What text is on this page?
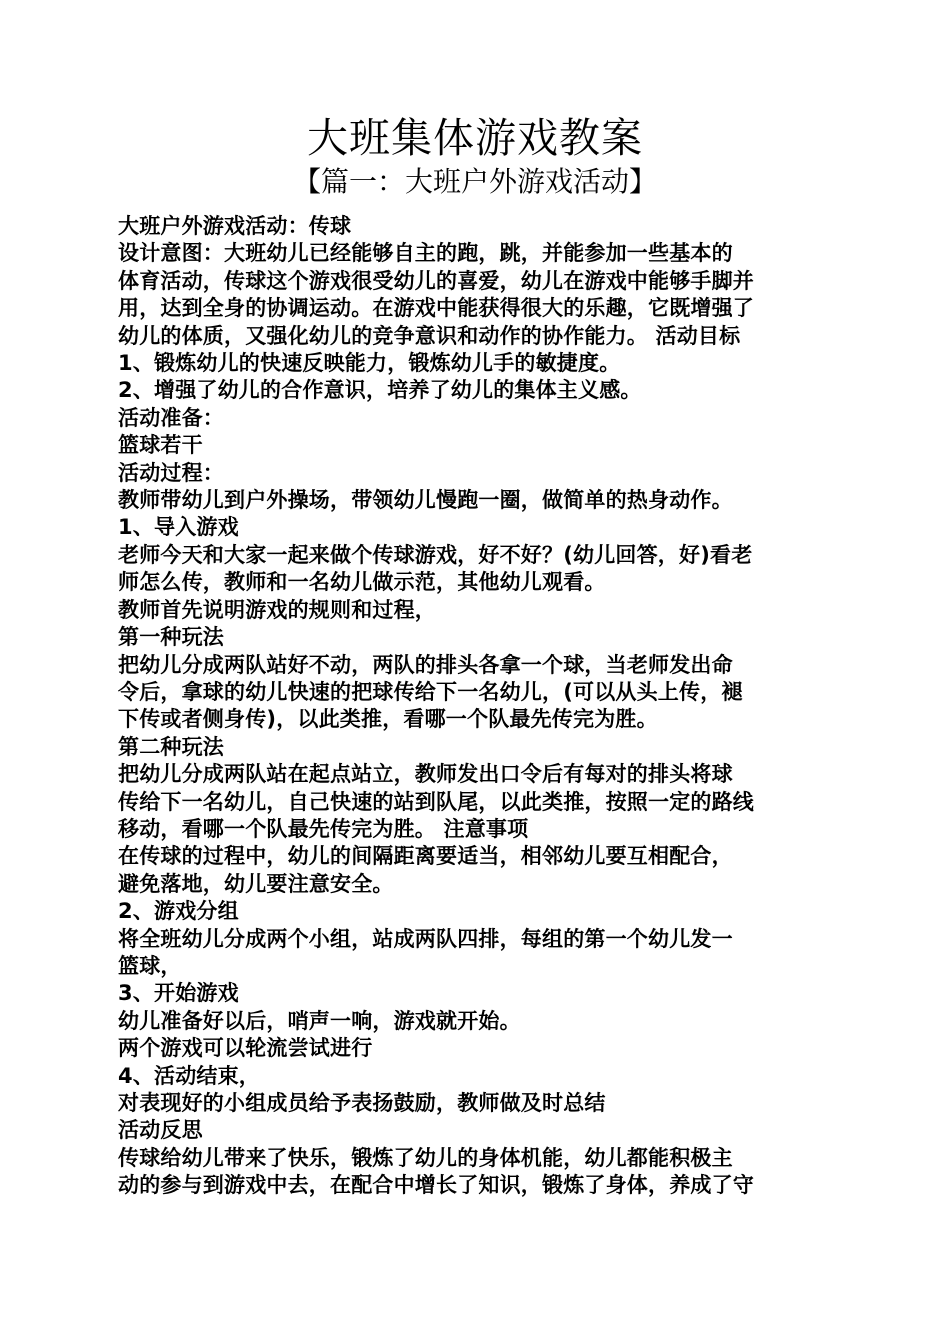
大班集体游戏教案
【篇一：大班户外游戏活动】
大班户外游戏活动：传球
设计意图：大班幼儿已经能够自主的跑，跳，并能参加一些基本的
体育活动，传球这个游戏很受幼儿的喜爱，幼儿在游戏中能够手脚并
用，达到全身的协调运动。在游戏中能获得很大的乐趣，它既增强了
幼儿的体质，又强化幼儿的竞争意识和动作的协作能力。 活动目标
1、锻炼幼儿的快速反映能力，锻炼幼儿手的敏捷度。
2、增强了幼儿的合作意识，培养了幼儿的集体主义感。
活动准备：
篮球若干
活动过程：
教师带幼儿到户外操场，带领幼儿慢跑一圈，做简单的热身动作。
1、导入游戏
老师今天和大家一起来做个传球游戏，好不好？(幼儿回答，好)看老
师怎么传，教师和一名幼儿做示范，其他幼儿观看。
教师首先说明游戏的规则和过程，
第一种玩法
把幼儿分成两队站好不动，两队的排头各拿一个球，当老师发出命
令后，拿球的幼儿快速的把球传给下一名幼儿，(可以从头上传，褪
下传或者侧身传)，以此类推，看哪一个队最先传完为胜。
第二种玩法
把幼儿分成两队站在起点站立，教师发出口令后有每对的排头将球
传给下一名幼儿，自己快速的站到队尾，以此类推，按照一定的路线
移动，看哪一个队最先传完为胜。 注意事项
在传球的过程中，幼儿的间隔距离要适当，相邻幼儿要互相配合，
避免落地，幼儿要注意安全。
2、游戏分组
将全班幼儿分成两个小组，站成两队四排，每组的第一个幼儿发一
篮球，
3、开始游戏
幼儿准备好以后，哨声一响，游戏就开始。
两个游戏可以轮流尝试进行
4、活动结束，
对表现好的小组成员给予表扬鼓励，教师做及时总结
活动反思
传球给幼儿带来了快乐，锻炼了幼儿的身体机能，幼儿都能积极主
动的参与到游戏中去，在配合中增长了知识，锻炼了身体，养成了守
